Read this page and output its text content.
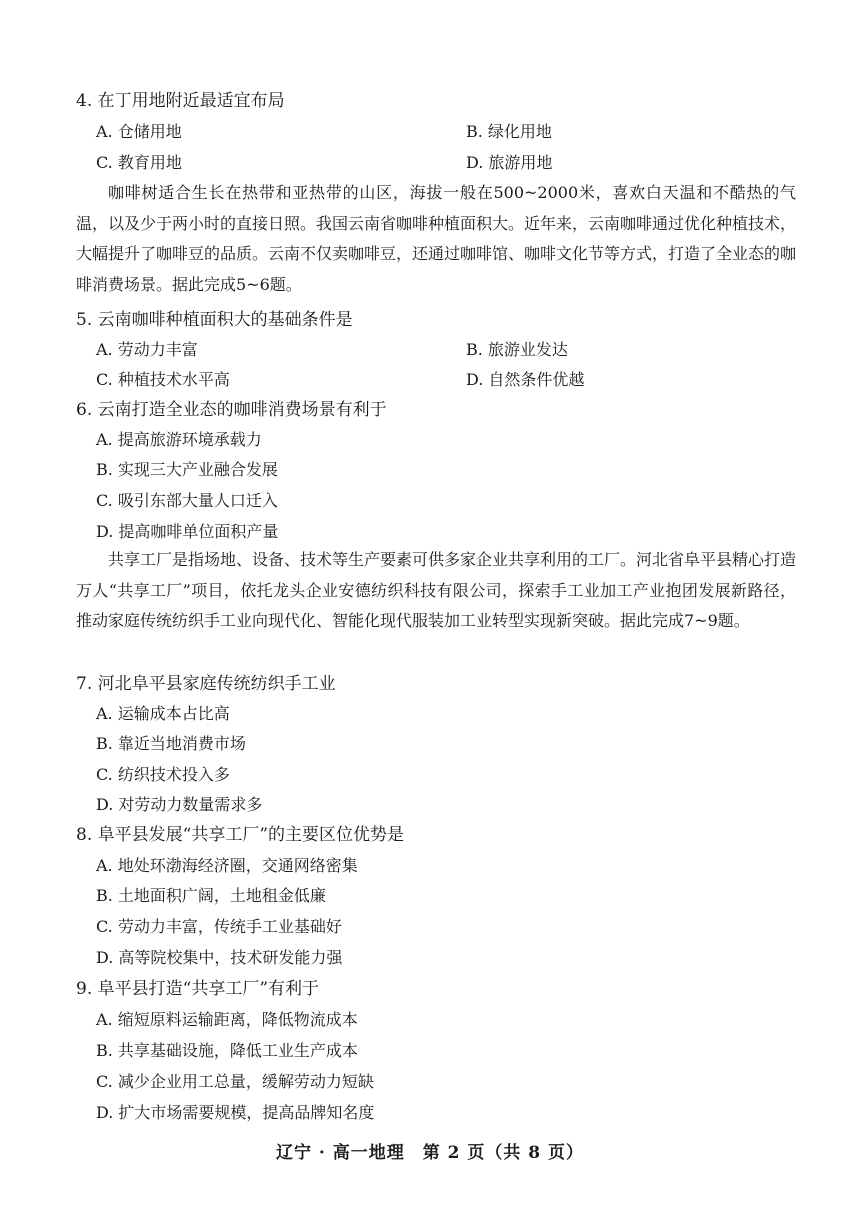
4. 在丁用地附近最适宜布局
A. 仓储用地	B. 绿化用地
C. 教育用地	D. 旅游用地
咖啡树适合生长在热带和亚热带的山区，海拔一般在500~2000米，喜欢白天温和不酷热的气温，以及少于两小时的直接日照。我国云南省咖啡种植面积大。近年来，云南咖啡通过优化种植技术，大幅提升了咖啡豆的品质。云南不仅卖咖啡豆，还通过咖啡馆、咖啡文化节等方式，打造了全业态的咖啡消费场景。据此完成5~6题。
5. 云南咖啡种植面积大的基础条件是
A. 劳动力丰富	B. 旅游业发达
C. 种植技术水平高	D. 自然条件优越
6. 云南打造全业态的咖啡消费场景有利于
A. 提高旅游环境承载力
B. 实现三大产业融合发展
C. 吸引东部大量人口迁入
D. 提高咖啡单位面积产量
共享工厂是指场地、设备、技术等生产要素可供多家企业共享利用的工厂。河北省阜平县精心打造万人“共享工厂”项目，依托龙头企业安德纺织科技有限公司，探索手工业加工产业抱团发展新路径，推动家庭传统纺织手工业向现代化、智能化现代服装加工业转型实现新突破。据此完成7~9题。
7. 河北阜平县家庭传统纺织手工业
A. 运输成本占比高
B. 靠近当地消费市场
C. 纺织技术投入多
D. 对劳动力数量需求多
8. 阜平县发展“共享工厂”的主要区位优势是
A. 地处环渤海经济圈，交通网络密集
B. 土地面积广阔，土地租金低廉
C. 劳动力丰富，传统手工业基础好
D. 高等院校集中，技术研发能力强
9. 阜平县打造“共享工厂”有利于
A. 缩短原料运输距离，降低物流成本
B. 共享基础设施，降低工业生产成本
C. 减少企业用工总量，缓解劳动力短缺
D. 扩大市场需要规模，提高品牌知名度
辽宁 · 高一地理　第 2 页（共 8 页）
